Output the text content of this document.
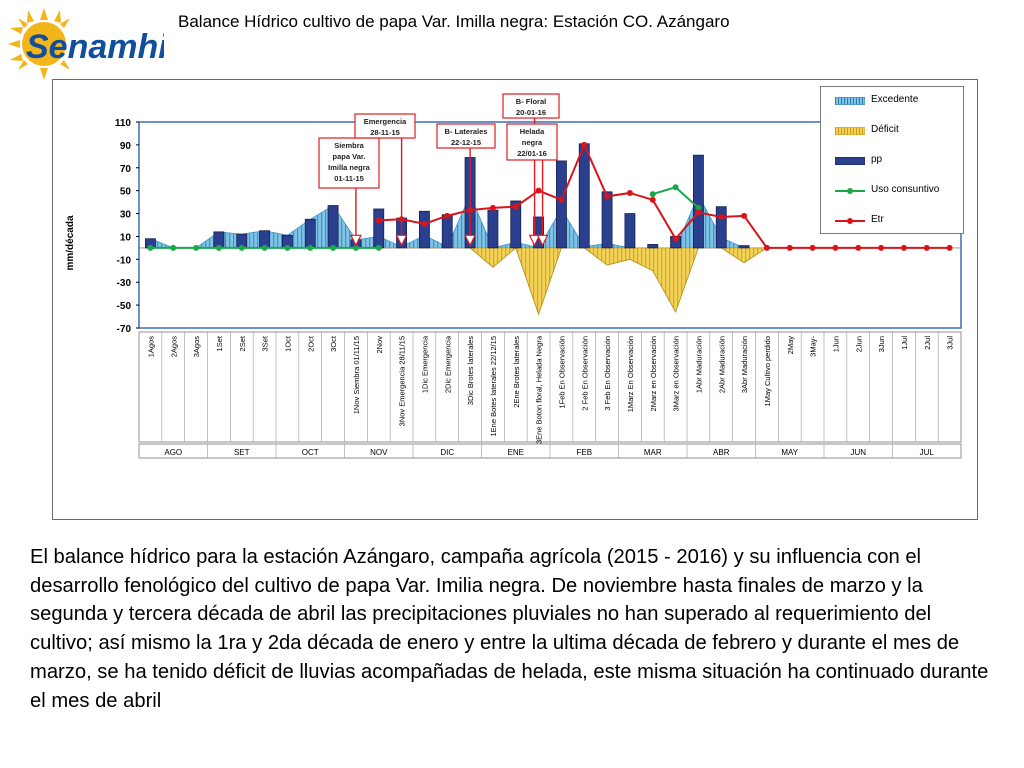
Senamhi
Balance Hídrico cultivo de papa Var. Imilla negra: Estación CO. Azángaro
110
90
70
50
30
10
-10
-30
-50
-70
mm/década
1Agos 2Agos 3Agos 1Set 2Set 3Set 1Oct 2Oct 3Oct 1Nov Siembra 01/11/15 2Nov 3Nov Emergencia 28/11/15 1Dic Emergencia 2Dic Emergencia 3Dic Brotes laterales 1Ene Botes laterales 22/12/15 2Ene Brotes laterales 3Ene Boton floral, Helada Negra 1Feb En Observación 2 Feb En Observación 3 Feb En Observación 1Marz En Observación 2Marz en Observación 3Marz en Observación 1Abr Maduración 2Abr Maduración 3Abr Maduración 1May Cultivo perdido 2May 3May- 1Jun 2Jun 3Jun 1Jul 2Jul 3Jul
AGO	SET	OCT	NOV	DIC	ENE	FEB	MAR	ABR	MAY	JUN	JUL
Siembra
papa Var.
Imilla negra
01-11-15
Emergencia
28-11-15	B- Laterales
22-12-15
B- Floral
20-01-16
Helada
negra
22/01-16
Excedente
Déficit
pp
Uso consuntivo
Etr
El balance hídrico para la estación Azángaro, campaña agrícola (2015 - 2016) y su influencia con el desarrollo fenológico del cultivo de papa Var. Imilia negra. De noviembre hasta finales de marzo y la segunda y tercera década de abril las precipitaciones pluviales no han superado al requerimiento del cultivo; así mismo la 1ra y 2da década de enero y entre la ultima década de febrero y durante el mes de marzo, se ha tenido déficit de lluvias acompañadas de helada, este misma situación ha continuado durante el mes de abril
